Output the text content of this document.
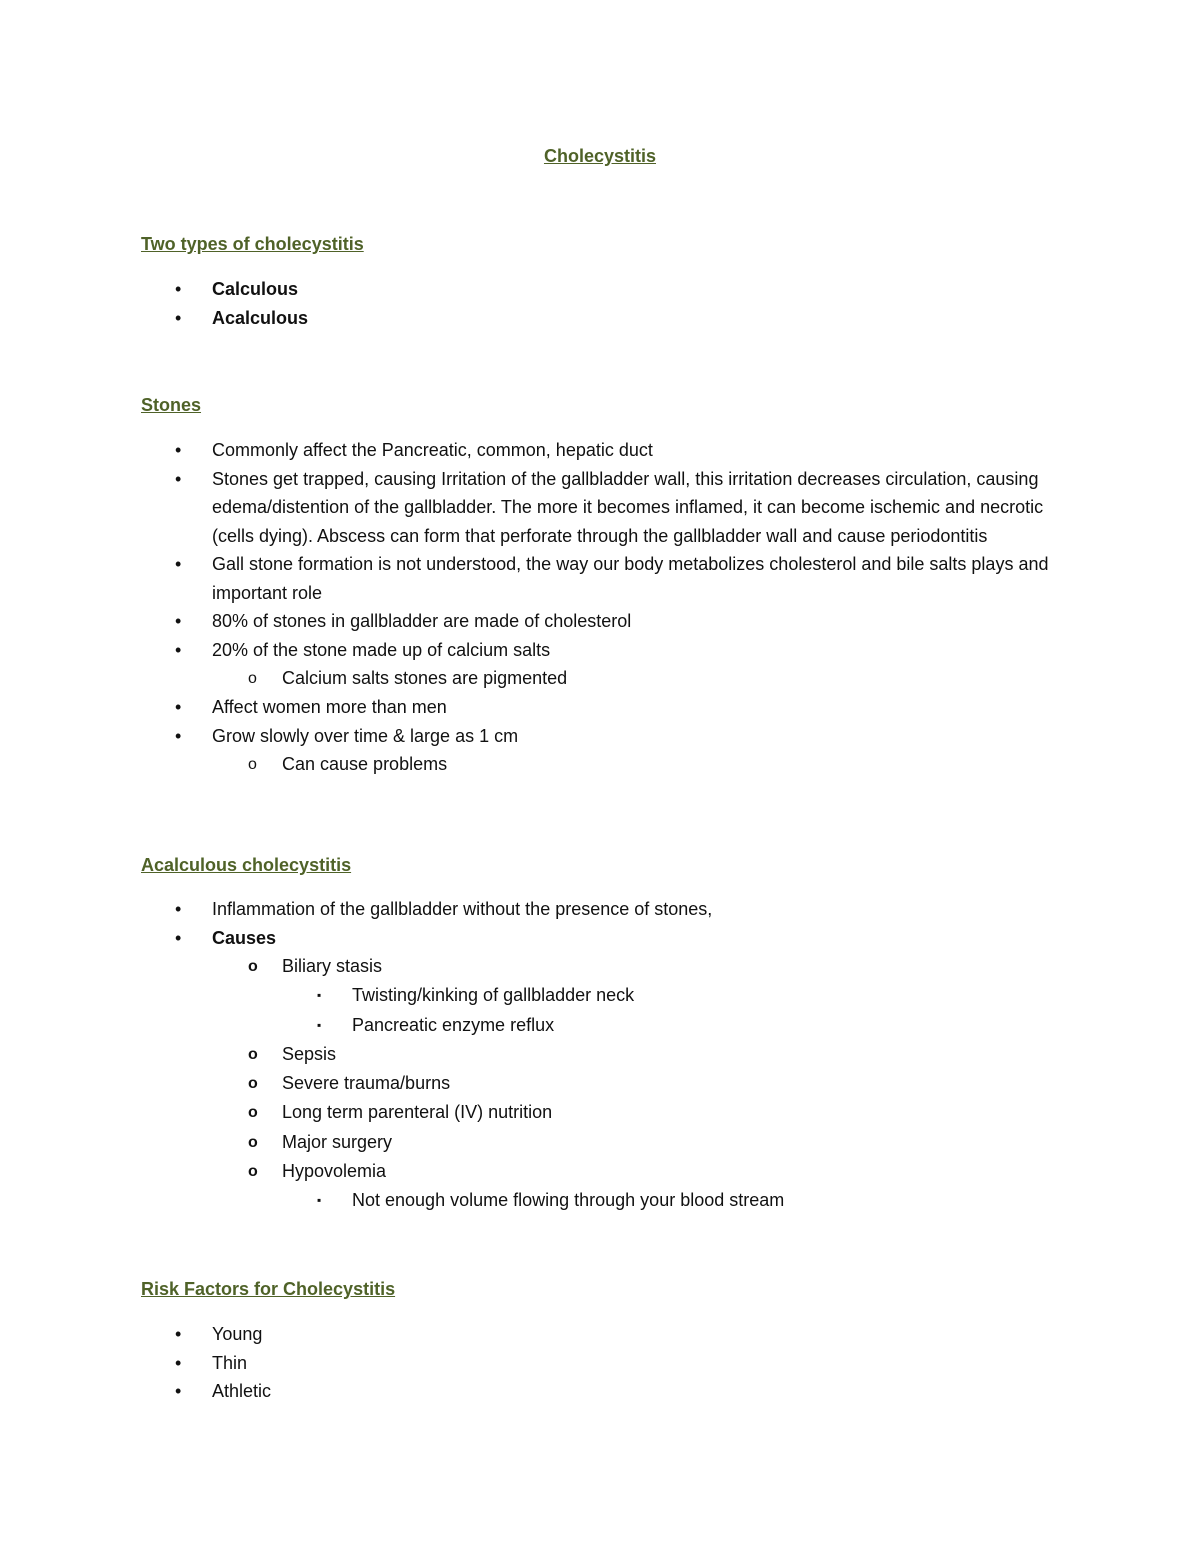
Cholecystitis
Two types of cholecystitis
• Calculous
• Acalculous
Stones
• Commonly affect the Pancreatic, common, hepatic duct
• Stones get trapped, causing Irritation of the gallbladder wall, this irritation decreases circulation, causing edema/distention of the gallbladder. The more it becomes inflamed, it can become ischemic and necrotic (cells dying). Abscess can form that perforate through the gallbladder wall and cause periodontitis
• Gall stone formation is not understood, the way our body metabolizes cholesterol and bile salts plays and important role
• 80% of stones in gallbladder are made of cholesterol
• 20% of the stone made up of calcium salts
o Calcium salts stones are pigmented
• Affect women more than men
• Grow slowly over time & large as 1 cm
o Can cause problems
Acalculous cholecystitis
• Inflammation of the gallbladder without the presence of stones,
• Causes
o Biliary stasis
▪ Twisting/kinking of gallbladder neck
▪ Pancreatic enzyme reflux
o Sepsis
o Severe trauma/burns
o Long term parenteral (IV) nutrition
o Major surgery
o Hypovolemia
▪ Not enough volume flowing through your blood stream
Risk Factors for Cholecystitis
• Young
• Thin
• Athletic
